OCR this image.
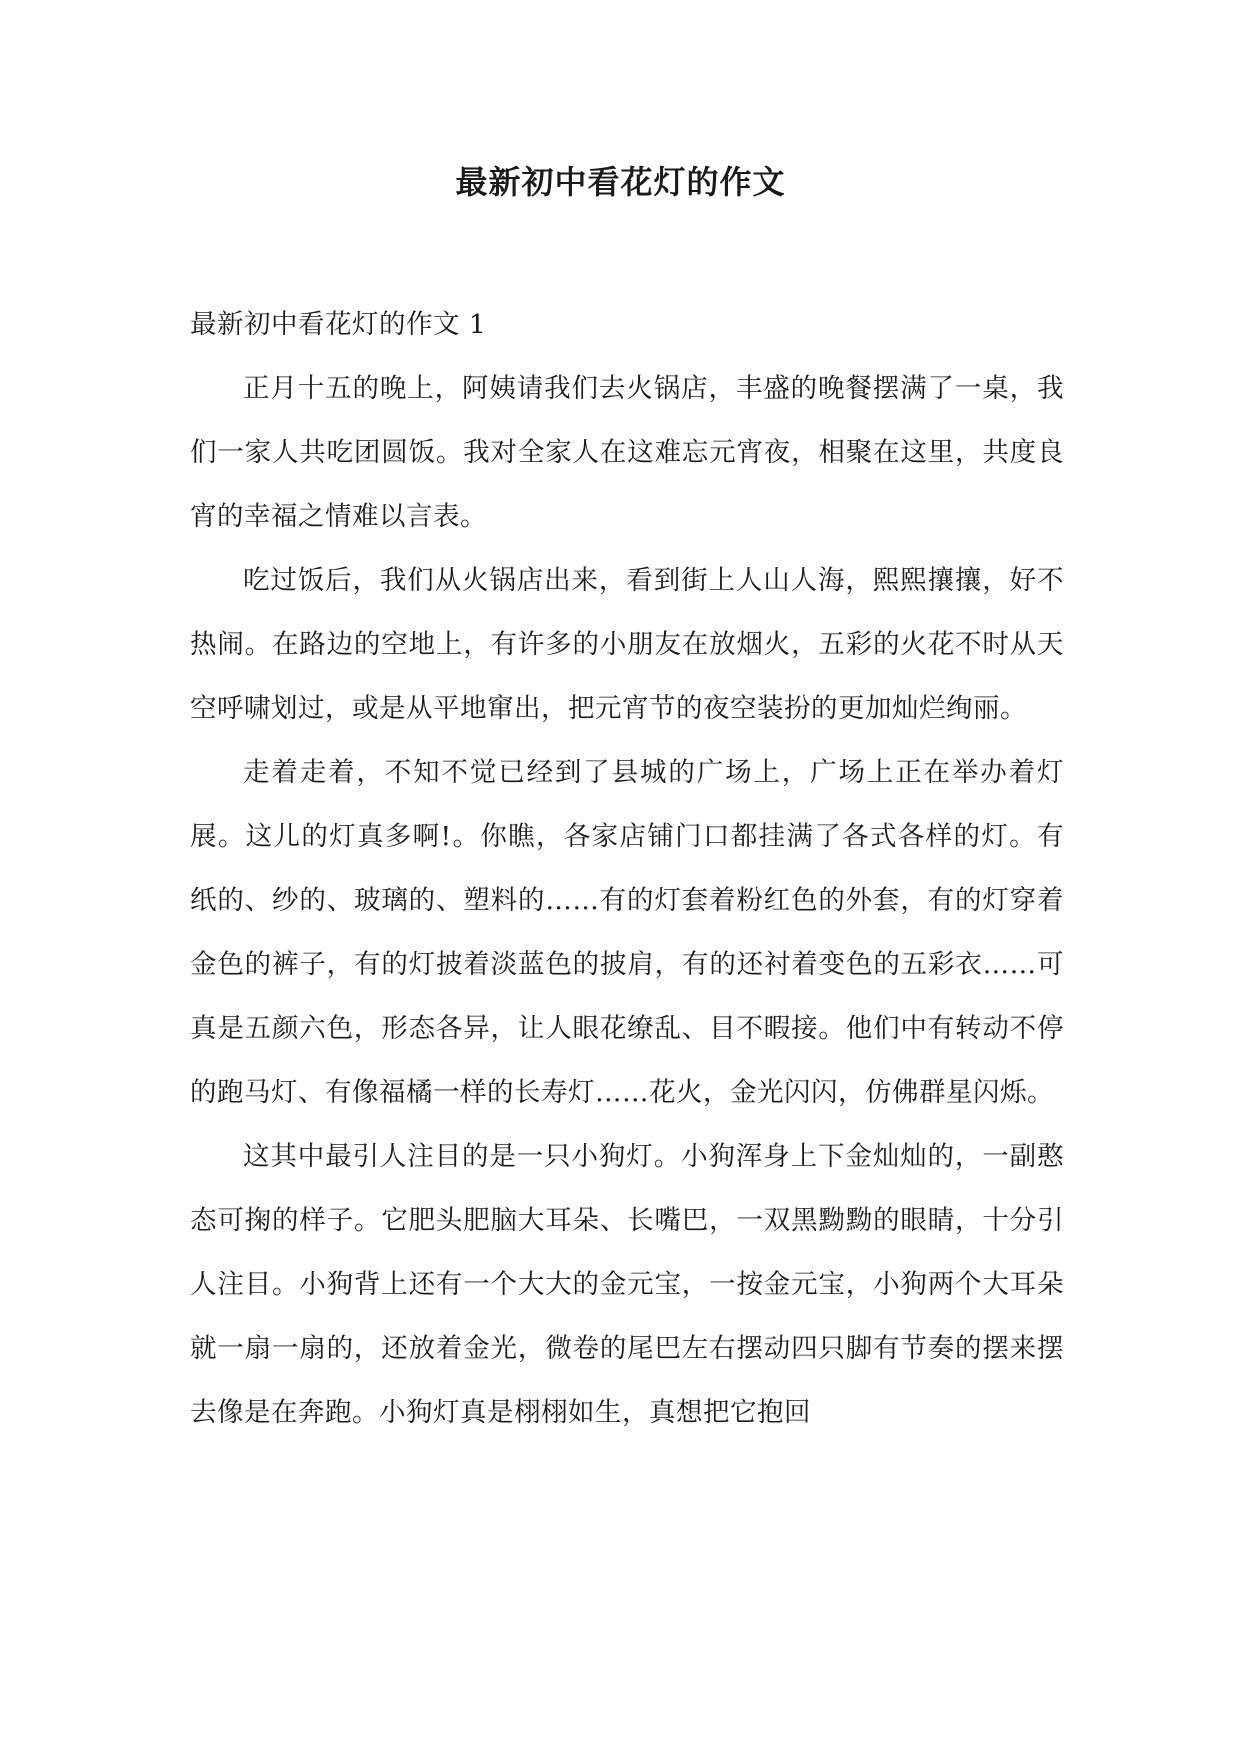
最新初中看花灯的作文
最新初中看花灯的作文 1

正月十五的晚上，阿姨请我们去火锅店，丰盛的晚餐摆满了一桌，我们一家人共吃团圆饭。我对全家人在这难忘元宵夜，相聚在这里，共度良宵的幸福之情难以言表。

吃过饭后，我们从火锅店出来，看到街上人山人海，熙熙攘攘，好不热闹。在路边的空地上，有许多的小朋友在放烟火，五彩的火花不时从天空呼啸划过，或是从平地窜出，把元宵节的夜空装扮的更加灿烂绚丽。

走着走着，不知不觉已经到了县城的广场上，广场上正在举办着灯展。这儿的灯真多啊!。你瞧，各家店铺门口都挂满了各式各样的灯。有纸的、纱的、玻璃的、塑料的……有的灯套着粉红色的外套，有的灯穿着金色的裤子，有的灯披着淡蓝色的披肩，有的还衬着变色的五彩衣……可真是五颜六色，形态各异，让人眼花缭乱、目不暇接。他们中有转动不停的跑马灯、有像福橘一样的长寿灯……花火，金光闪闪，仿佛群星闪烁。

这其中最引人注目的是一只小狗灯。小狗浑身上下金灿灿的，一副憨态可掬的样子。它肥头肥脑大耳朵、长嘴巴，一双黑黝黝的眼睛，十分引人注目。小狗背上还有一个大大的金元宝，一按金元宝，小狗两个大耳朵就一扇一扇的，还放着金光，微卷的尾巴左右摆动四只脚有节奏的摆来摆去像是在奔跑。小狗灯真是栩栩如生，真想把它抱回
